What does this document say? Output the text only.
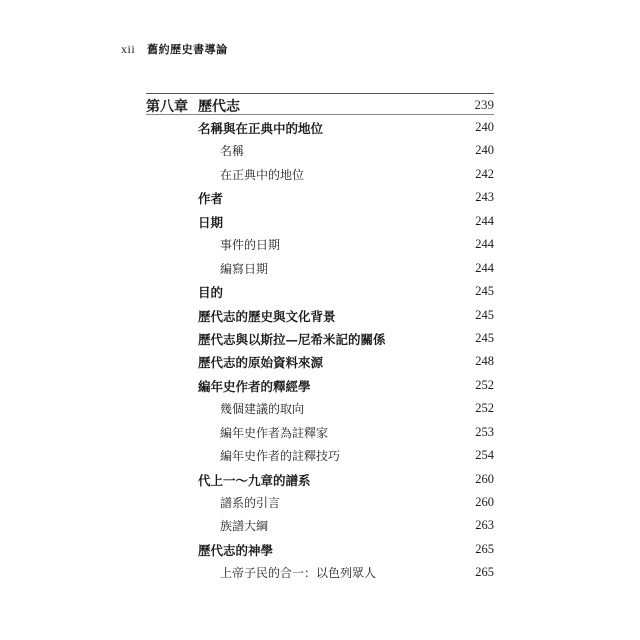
xii 舊約歷史書導論
第八章 歷代志	239
名稱與在正典中的地位	240
名稱	240
在正典中的地位	242
作者	243
日期	244
事件的日期	244
編寫日期	244
目的	245
歷代志的歷史與文化背景	245
歷代志與以斯拉—尼希米記的關係	245
歷代志的原始資料來源	248
編年史作者的釋經學	252
幾個建議的取向	252
編年史作者為註釋家	253
編年史作者的註釋技巧	254
代上一～九章的譜系	260
譜系的引言	260
族譜大綱	263
歷代志的神學	265
上帝子民的合一：以色列眾人	265
